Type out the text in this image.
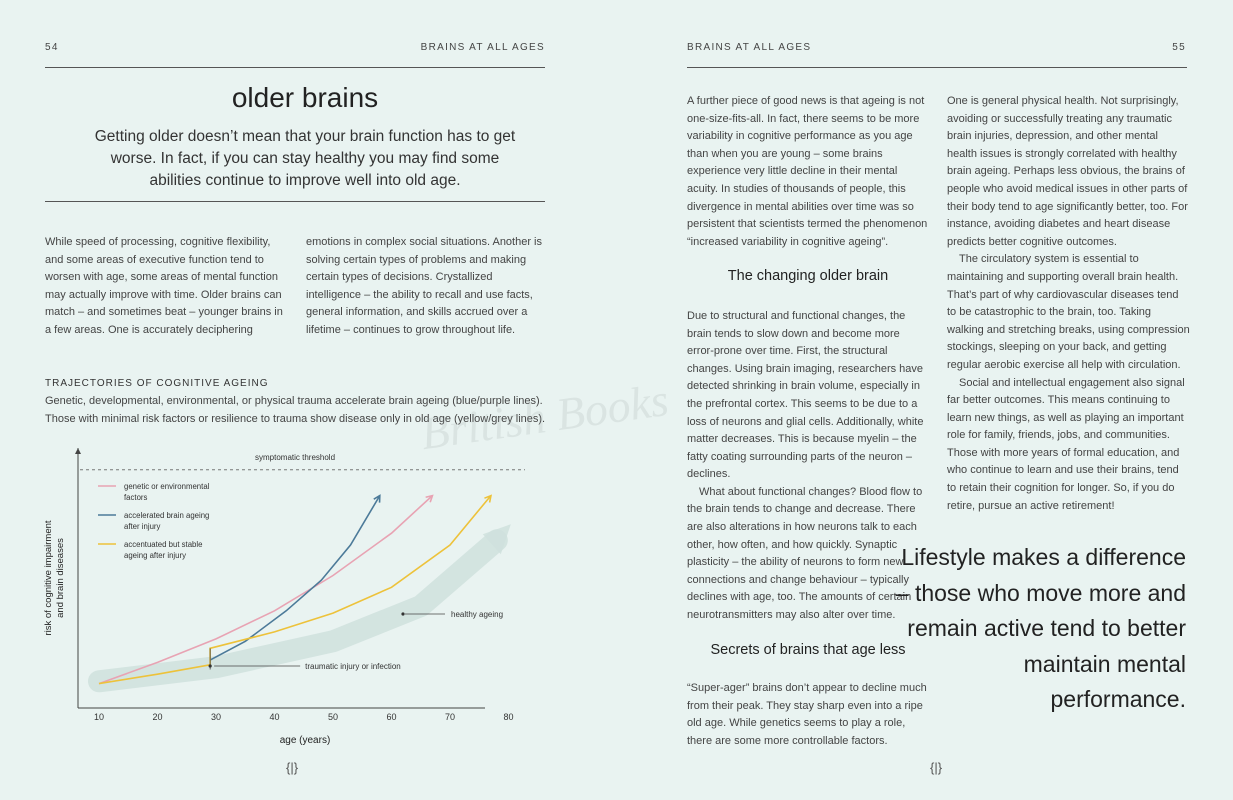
54	BRAINS AT ALL AGES
older brains
Getting older doesn’t mean that your brain function has to get worse. In fact, if you can stay healthy you may find some abilities continue to improve well into old age.
While speed of processing, cognitive flexibility, and some areas of executive function tend to worsen with age, some areas of mental function may actually improve with time. Older brains can match – and sometimes beat – younger brains in a few areas. One is accurately deciphering
emotions in complex social situations. Another is solving certain types of problems and making certain types of decisions. Crystallized intelligence – the ability to recall and use facts, general information, and skills accrued over a lifetime – continues to grow throughout life.
TRAJECTORIES OF COGNITIVE AGEING
Genetic, developmental, environmental, or physical trauma accelerate brain ageing (blue/purple lines).
Those with minimal risk factors or resilience to trauma show disease only in old age (yellow/grey lines).
symptomatic threshold
10	20	30	40	50	60	70	80
traumatic injury or infection
healthy ageing
genetic or environmental
factors
accelerated brain ageing
after injury
accentuated but stable
ageing after injury
age (years)
risk of cognitive impairment and brain diseases
{|}
BRAINS AT ALL AGES	55

A further piece of good news is that ageing is not one-size-fits-all. In fact, there seems to be more variability in cognitive performance as you age than when you are young – some brains experience very little decline in their mental acuity. In studies of thousands of people, this divergence in mental abilities over time was so persistent that scientists termed the phenomenon “increased variability in cognitive ageing”.

The changing older brain

Due to structural and functional changes, the brain tends to slow down and become more error-prone over time. First, the structural changes. Using brain imaging, researchers have detected shrinking in brain volume, especially in the prefrontal cortex. This seems to be due to a loss of neurons and glial cells. Additionally, white matter decreases. This is because myelin – the fatty coating surrounding parts of the neuron – declines.

What about functional changes? Blood flow to the brain tends to change and decrease. There are also alterations in how neurons talk to each other, how often, and how quickly. Synaptic plasticity – the ability of neurons to form new connections and change behaviour – typically declines with age, too. The amounts of certain neurotransmitters may also alter over time.

Secrets of brains that age less

“Super-ager” brains don’t appear to decline much from their peak. They stay sharp even into a ripe old age. While genetics seems to play a role, there are some more controllable factors.

One is general physical health. Not surprisingly, avoiding or successfully treating any traumatic brain injuries, depression, and other mental health issues is strongly correlated with healthy brain ageing. Perhaps less obvious, the brains of people who avoid medical issues in other parts of their body tend to age significantly better, too. For instance, avoiding diabetes and heart disease predicts better cognitive outcomes.

The circulatory system is essential to maintaining and supporting overall brain health. That’s part of why cardiovascular diseases tend to be catastrophic to the brain, too. Taking walking and stretching breaks, using compression stockings, sleeping on your back, and getting regular aerobic exercise all help with circulation.

Social and intellectual engagement also signal far better outcomes. This means continuing to learn new things, as well as playing an important role for family, friends, jobs, and communities. Those with more years of formal education, and who continue to learn and use their brains, tend to retain their cognition for longer. So, if you do retire, pursue an active retirement!

Lifestyle makes a difference – those who move more and remain active tend to better maintain mental performance.
{|}
British Books
